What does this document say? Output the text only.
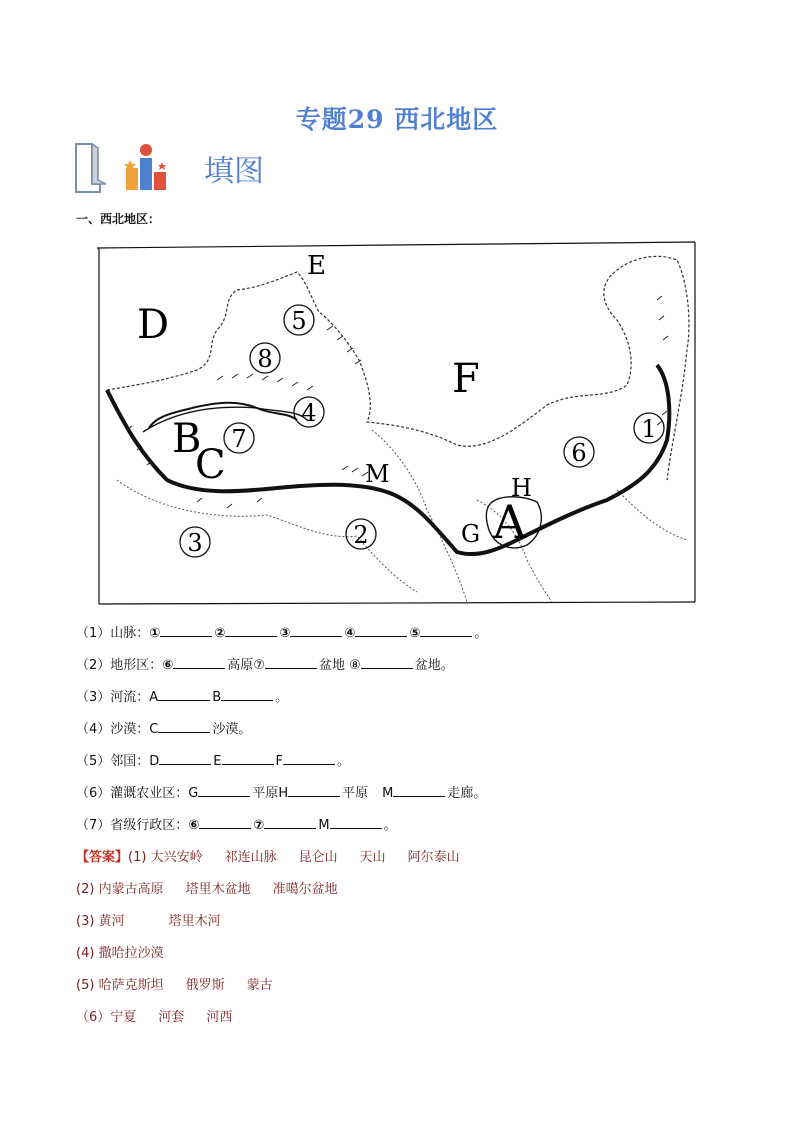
专题29 西北地区
填图
一、西北地区：
D
E
F
B
C	M	H
G A
1
2
3
4
5
6
7
8
（1）山脉：①	②	③	④	⑤	。
（2）地形区：⑥	高原⑦	盆地 ⑧	盆地。
（3）河流：A	B	。
（4）沙漠：C	沙漠。
（5）邻国：D	E	F	。
（6）灌溉农业区：G	平原H	平原 M	走廊。
（7）省级行政区：⑥	⑦	M	。
【答案】(1) 大兴安岭 祁连山脉 昆仑山 天山 阿尔泰山
(2) 内蒙古高原 塔里木盆地 准噶尔盆地
(3) 黄河	塔里木河
(4) 撒哈拉沙漠
(5) 哈萨克斯坦 俄罗斯 蒙古
（6）宁夏 河套 河西
